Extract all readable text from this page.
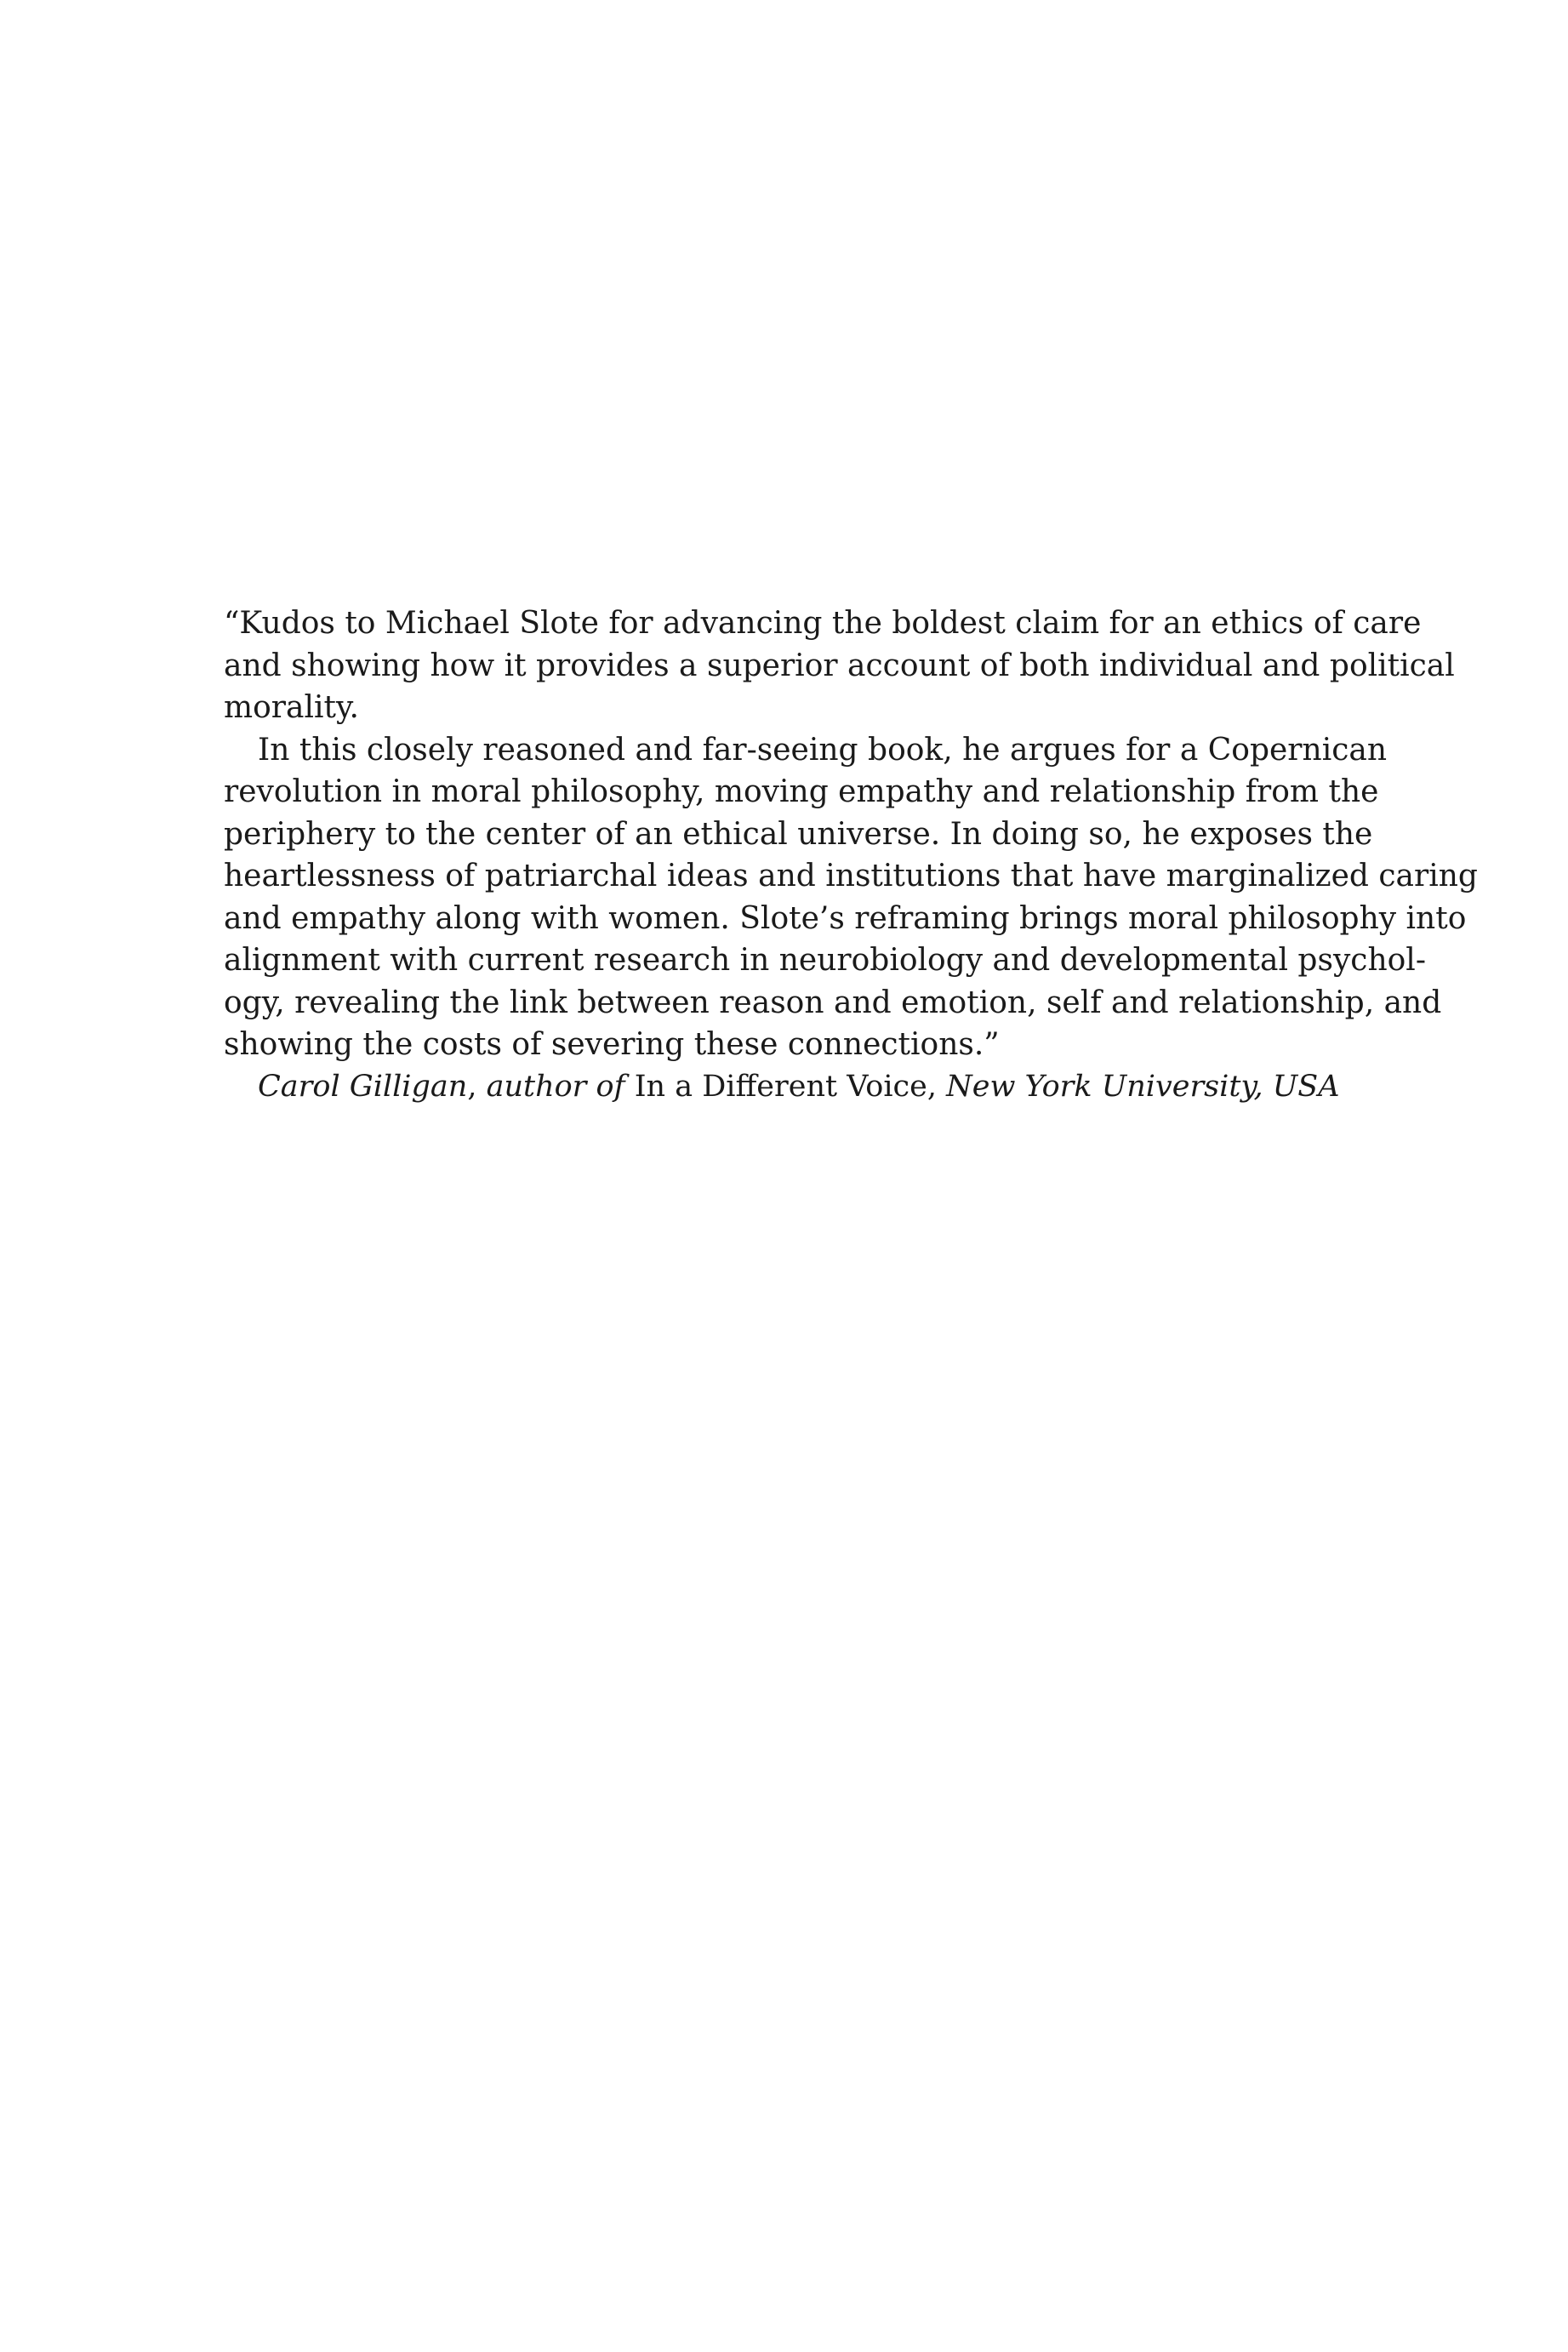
“Kudos to Michael Slote for advancing the boldest claim for an ethics of care
and showing how it provides a superior account of both individual and political
morality.

In this closely reasoned and far-seeing book, he argues for a Copernican
revolution in moral philosophy, moving empathy and relationship from the
periphery to the center of an ethical universe. In doing so, he exposes the
heartlessness of patriarchal ideas and institutions that have marginalized caring
and empathy along with women. Slote’s reframing brings moral philosophy into
alignment with current research in neurobiology and developmental psychol-
ogy, revealing the link between reason and emotion, self and relationship, and
showing the costs of severing these connections.”

Carol Gilligan, author of In a Different Voice, New York University, USA
